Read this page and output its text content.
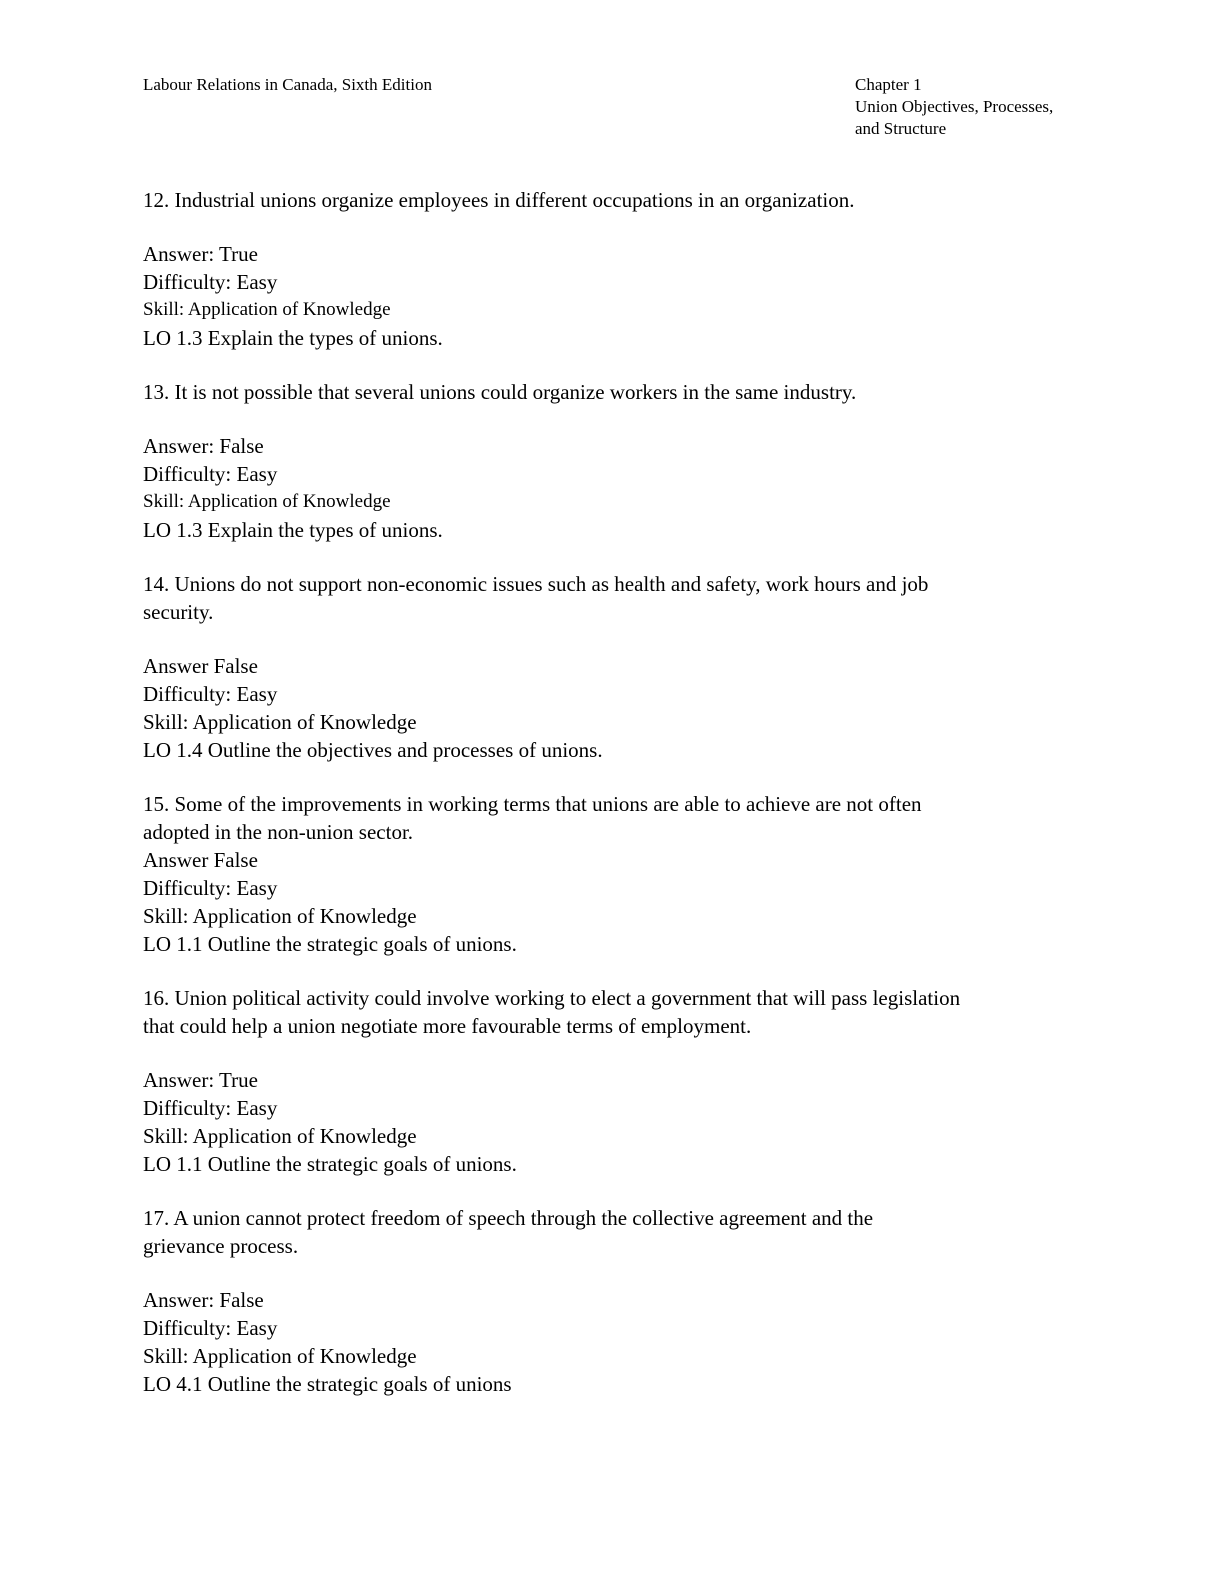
Labour Relations in Canada, Sixth Edition	Chapter 1
Union Objectives, Processes,
and Structure

12. Industrial unions organize employees in different occupations in an organization.

Answer: True

Difficulty: Easy

Skill: Application of Knowledge

LO 1.3 Explain the types of unions.

13. It is not possible that several unions could organize workers in the same industry.

Answer: False

Difficulty: Easy

Skill: Application of Knowledge

LO 1.3 Explain the types of unions.

14. Unions do not support non-economic issues such as health and safety, work hours and job

security.

Answer False

Difficulty: Easy

Skill: Application of Knowledge

LO 1.4 Outline the objectives and processes of unions.

15. Some of the improvements in working terms that unions are able to achieve are not often

adopted in the non-union sector.

Answer False

Difficulty: Easy

Skill: Application of Knowledge

LO 1.1 Outline the strategic goals of unions.

16. Union political activity could involve working to elect a government that will pass legislation

that could help a union negotiate more favourable terms of employment.

Answer: True

Difficulty: Easy

Skill: Application of Knowledge

LO 1.1 Outline the strategic goals of unions.

17. A union cannot protect freedom of speech through the collective agreement and the

grievance process.

Answer: False

Difficulty: Easy

Skill: Application of Knowledge

LO 4.1 Outline the strategic goals of unions
